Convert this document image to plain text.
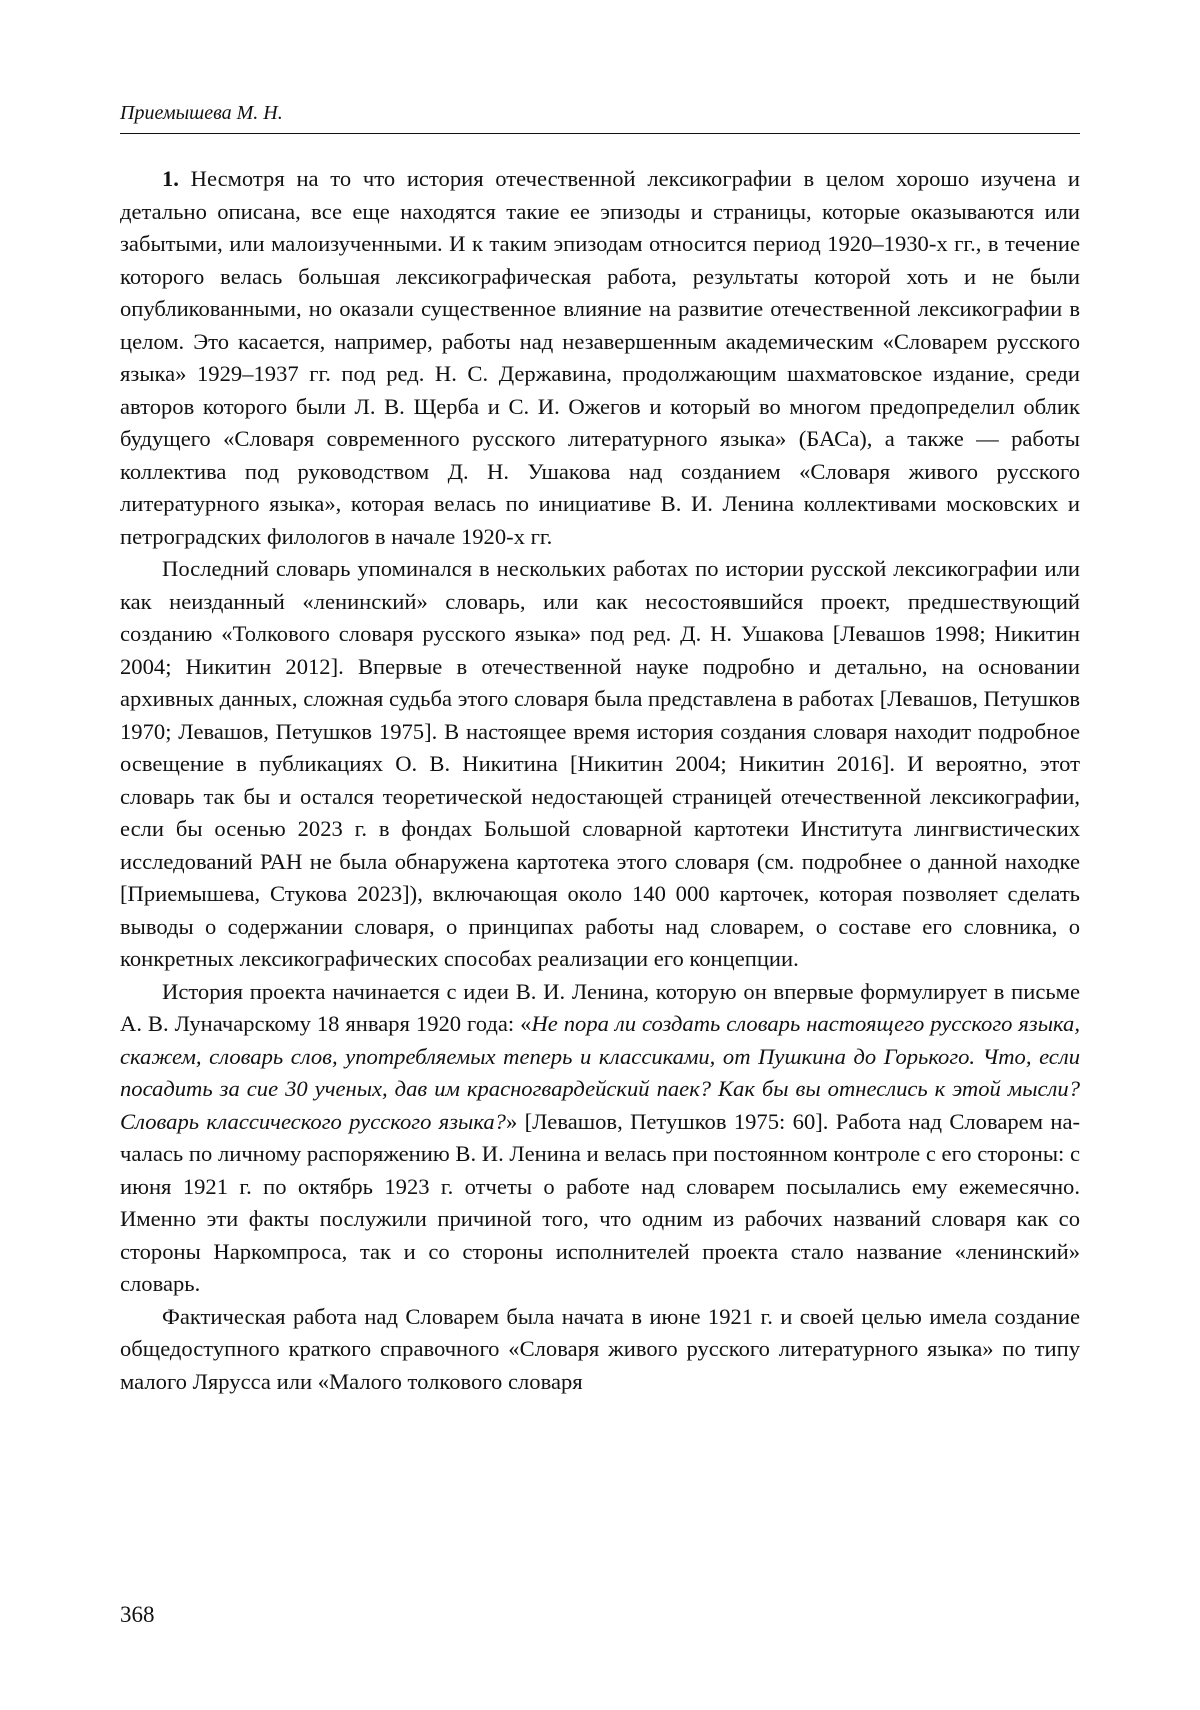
Приемышева М. Н.

1. Несмотря на то что история отечественной лексикографии в целом хорошо изучена и детально описана, все еще находятся такие ее эпизоды и страницы, которые оказываются или забытыми, или малоизученными. И к таким эпизодам относится период 1920–1930-х гг., в течение которого велась большая лексикографическая работа, результаты которой хоть и не были опубликованными, но оказали существенное влияние на развитие отечественной лексикографии в целом. Это касается, например, работы над незавершенным академическим «Словарем русского языка» 1929–1937 гг. под ред. Н. С. Державина, продолжающим шахматовское издание, среди авторов которого были Л. В. Щерба и С. И. Ожегов и который во многом предопределил облик будущего «Словаря современного русского литературного языка» (БАСа), а также — работы коллектива под руководством Д. Н. Ушакова над созданием «Словаря живого русского литературного языка», которая велась по инициативе В. И. Ленина коллективами московских и петроградских филологов в начале 1920-х гг.

Последний словарь упоминался в нескольких работах по истории русской лексикографии или как неизданный «ленинский» словарь, или как несостоявшийся проект, предшествующий созданию «Толкового словаря русского языка» под ред. Д. Н. Ушакова [Левашов 1998; Никитин 2004; Никитин 2012]. Впервые в отечественной науке подробно и детально, на основании архивных данных, сложная судьба этого словаря была представлена в работах [Левашов, Петушков 1970; Левашов, Петушков 1975]. В настоящее время история создания словаря находит подробное освещение в публикациях О. В. Никитина [Никитин 2004; Никитин 2016]. И вероятно, этот словарь так бы и остался теоретической недостающей страницей отечественной лексикографии, если бы осенью 2023 г. в фондах Большой словарной картотеки Института лингвистических исследований РАН не была обнаружена картотека этого словаря (см. подробнее о данной находке [Приемышева, Стукова 2023]), включающая около 140 000 карточек, которая позволяет сделать выводы о содержании словаря, о принципах работы над словарем, о составе его словника, о конкретных лексикографических способах реализации его концепции.

История проекта начинается с идеи В. И. Ленина, которую он впервые формулирует в письме А. В. Луначарскому 18 января 1920 года: «Не пора ли создать словарь настоящего русского языка, скажем, словарь слов, употребляемых теперь и классиками, от Пушкина до Горького. Что, если посадить за сие 30 ученых, дав им красногвардейский паек? Как бы вы отнеслись к этой мысли? Словарь классического русского языка?» [Левашов, Петушков 1975: 60]. Работа над Словарем началась по личному распоряжению В. И. Ленина и велась при постоянном контроле с его стороны: с июня 1921 г. по октябрь 1923 г. отчеты о работе над словарем посылались ему ежемесячно. Именно эти факты послужили причиной того, что одним из рабочих названий словаря как со стороны Наркомпроса, так и со стороны исполнителей проекта стало название «ленинский» словарь.

Фактическая работа над Словарем была начата в июне 1921 г. и своей целью имела создание общедоступного краткого справочного «Словаря живого русского литературного языка» по типу малого Лярусса или «Малого толкового словаря

368
